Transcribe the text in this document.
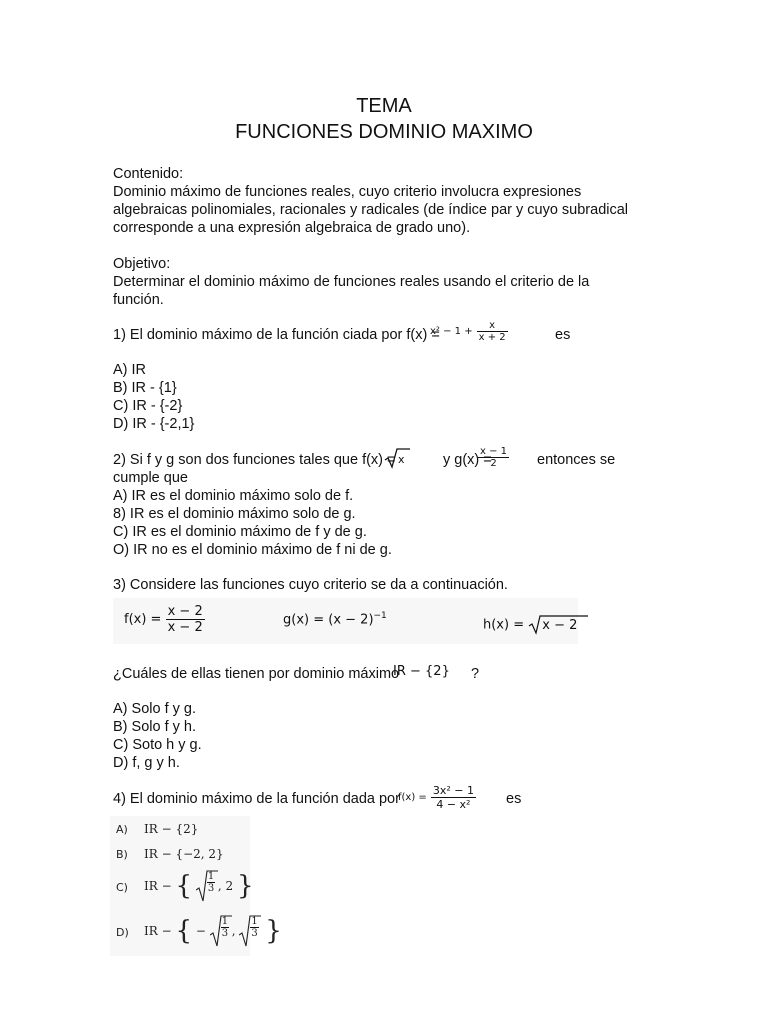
TEMA
FUNCIONES DOMINIO MAXIMO
Contenido:
Dominio máximo de funciones reales, cuyo criterio involucra expresiones
algebraicas polinomiales, racionales y radicales (de índice par y cuyo subradical
corresponde a una expresión algebraica de grado uno).
Objetivo:
Determinar el dominio máximo de funciones reales usando el criterio de la
función.
1) El dominio máximo de la función ciada por f(x) =
$x^2 - 1 + \frac{x}{x + 2}$	es
A) IR
B) IR - {1}
C) IR - {-2}
D) IR - {-2,1}
2) Si f y g son dos funciones tales que f(x) = x	y g(x) =
$\frac{x - 1}{2}$ entonces se
cumple que
A) IR es el dominio máximo solo de f.
8) IR es el dominio máximo solo de g.
C) IR es el dominio máximo de f y de g.
O) IR no es el dominio máximo de f ni de g.
3) Considere las funciones cuyo criterio se da a continuación.
$f(x) = \frac{x - 2}{x - 2}$	$g(x) = (x - 2)^{-1}$
h(x) = x − 2
¿Cuáles de ellas tienen por dominio máximo
IR − {2} ?
A) Solo f y g.
B) Solo f y h.
C) Soto h y g.
D) f, g y h.
4) El dominio máximo de la función dada por
$f(x) = \frac{\text{3x² − 1}}{\text{4 − x²}}$ es
A) IR − {2}
B) IR − {−2, 2}
C) IR − { $\frac{1}{3}$ , 2 }
D) IR − { − $\frac{1}{3}$ , $\frac{1}{3}$ }
